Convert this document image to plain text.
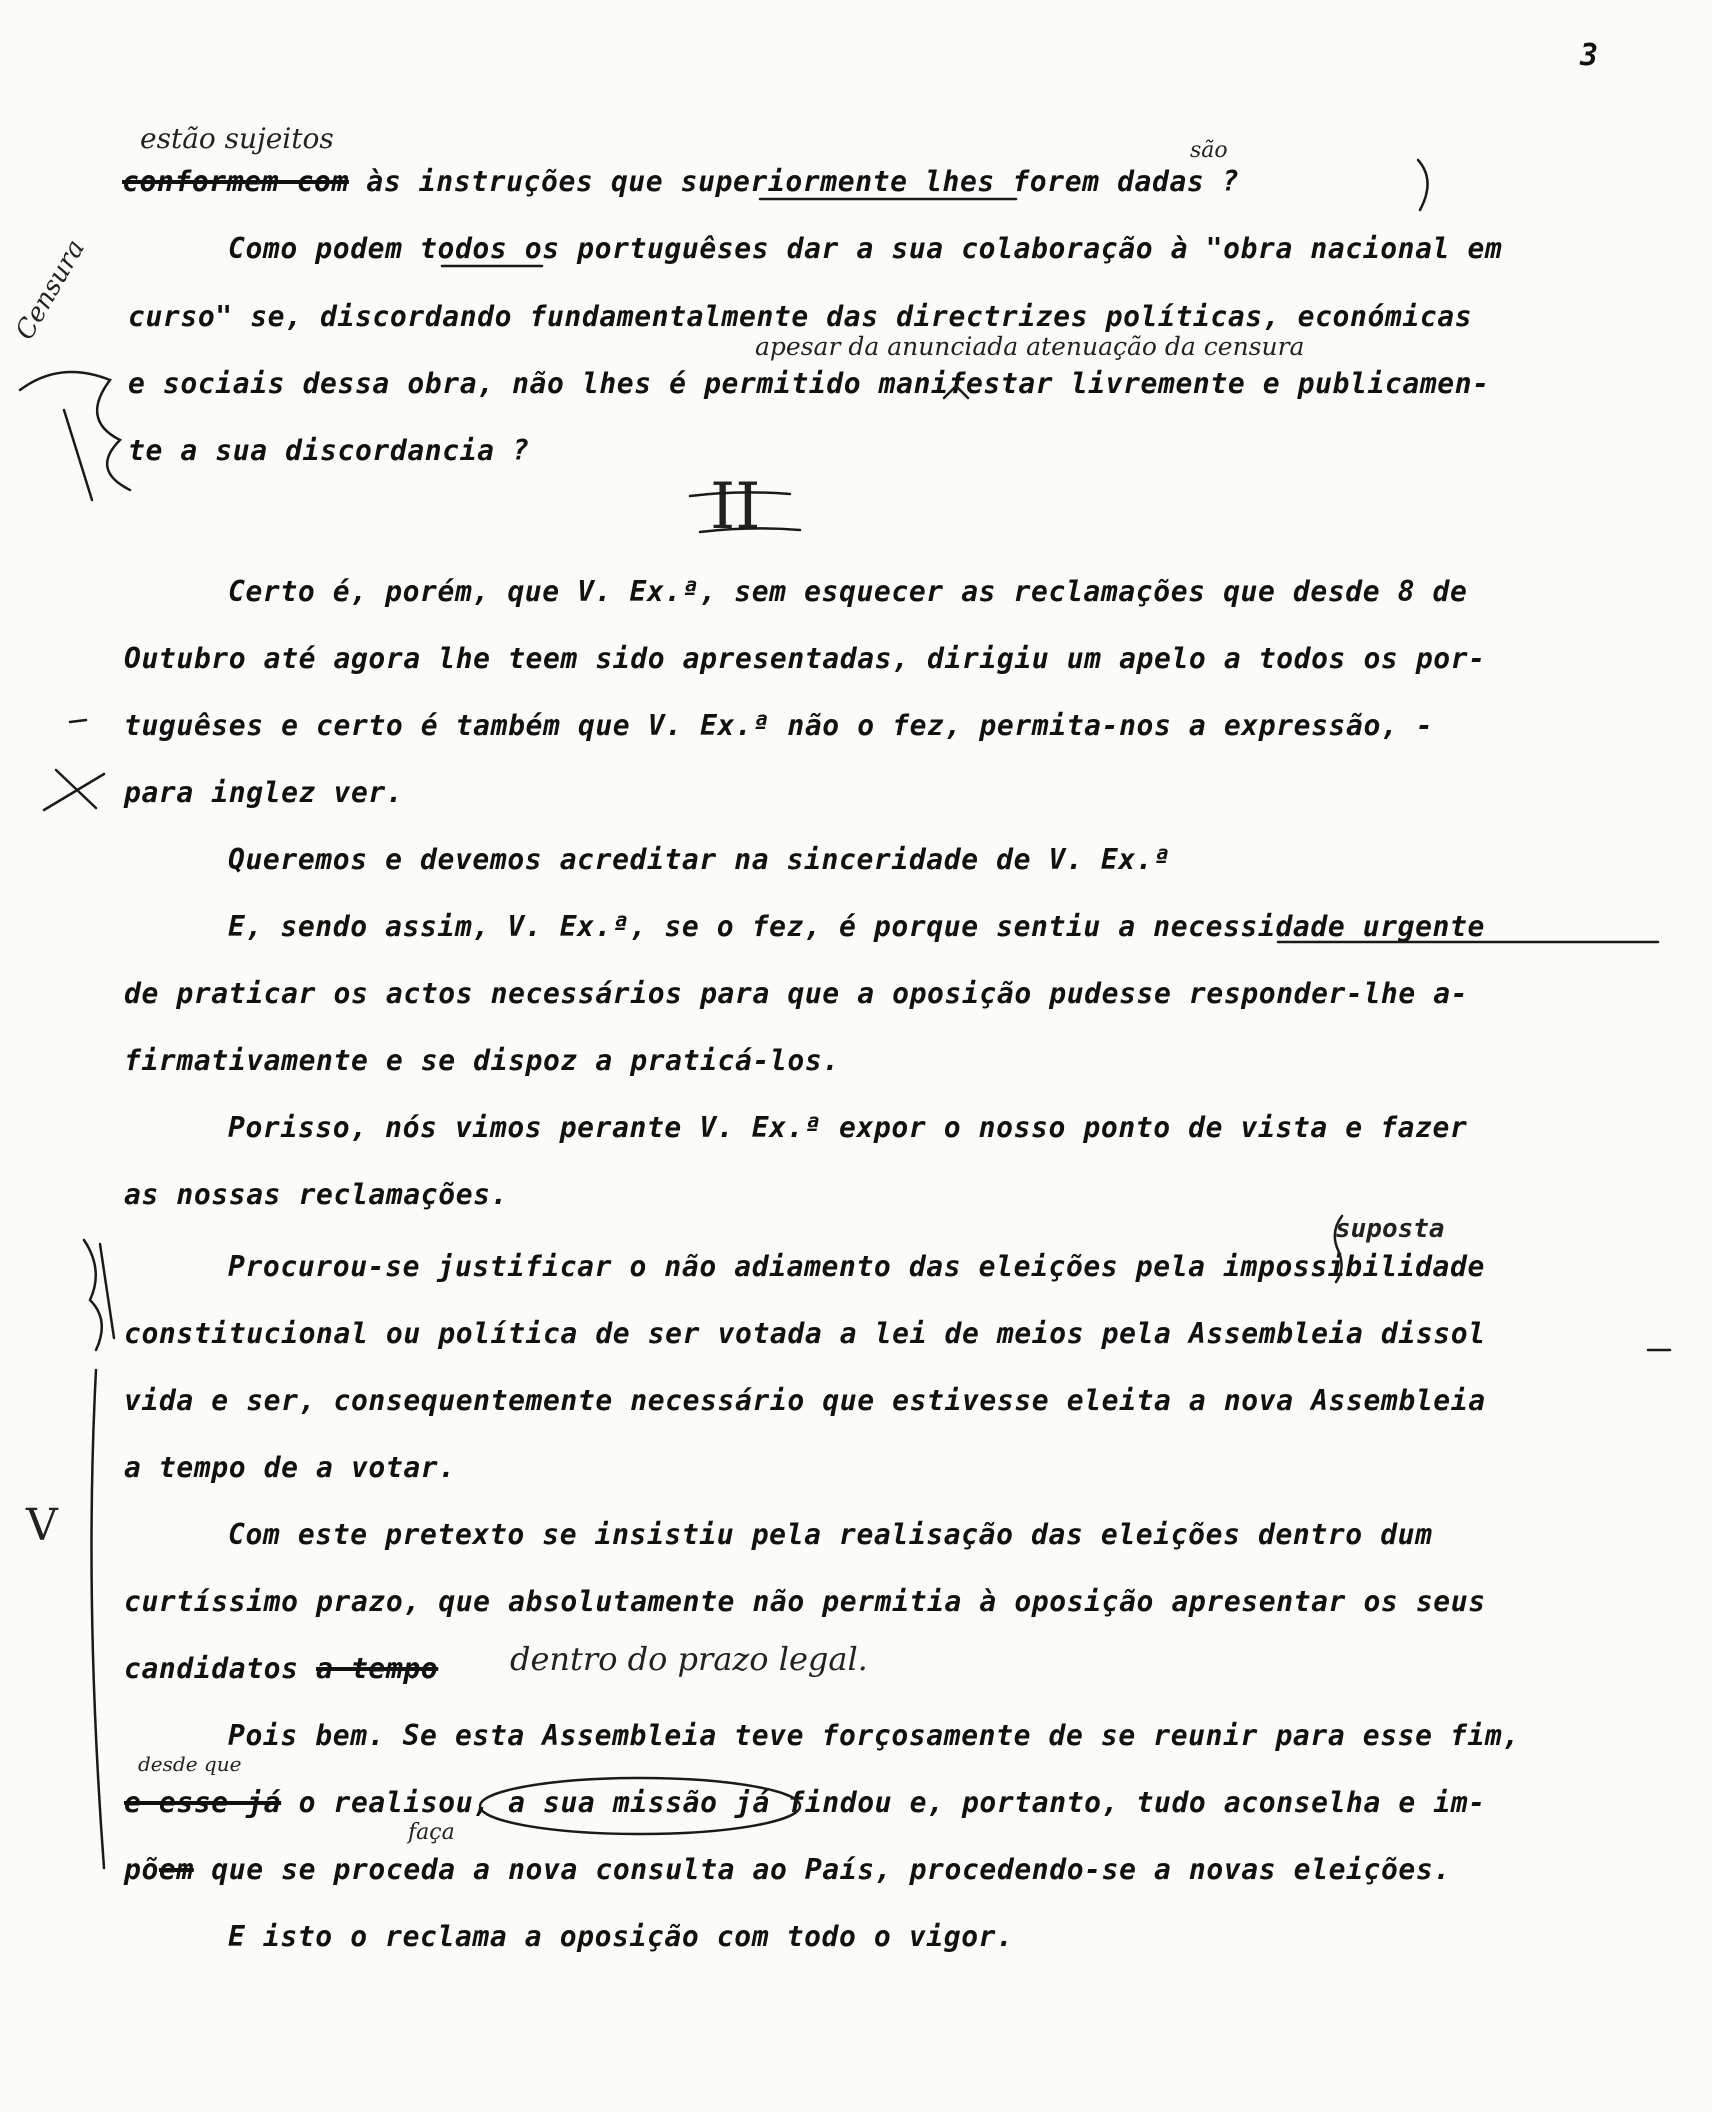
3
conformem com às instruções que superiormente lhes forem dadas ?
Como podem todos os portuguêses dar a sua colaboração à "obra nacional em
curso" se, discordando fundamentalmente das directrizes políticas, económicas
e sociais dessa obra, não lhes é permitido manifestar livremente e publicamen-
te a sua discordancia ?
Certo é, porém, que V. Ex.ª, sem esquecer as reclamações que desde 8 de
Outubro até agora lhe teem sido apresentadas, dirigiu um apelo a todos os por-
tuguêses e certo é também que V. Ex.ª não o fez, permita-nos a expressão, -
para inglez ver.
Queremos e devemos acreditar na sinceridade de V. Ex.ª
E, sendo assim, V. Ex.ª, se o fez, é porque sentiu a necessidade urgente
de praticar os actos necessários para que a oposição pudesse responder-lhe a-
firmativamente e se dispoz a praticá-los.
Porisso, nós vimos perante V. Ex.ª expor o nosso ponto de vista e fazer
as nossas reclamações.
Procurou-se justificar o não adiamento das eleições pela impossibilidade
constitucional ou política de ser votada a lei de meios pela Assembleia dissol
vida e ser, consequentemente necessário que estivesse eleita a nova Assembleia
a tempo de a votar.
Com este pretexto se insistiu pela realisação das eleições dentro dum
curtíssimo prazo, que absolutamente não permitia à oposição apresentar os seus
candidatos a tempo
Pois bem. Se esta Assembleia teve forçosamente de se reunir para esse fim,
e esse já o realisou, a sua missão já findou e, portanto, tudo aconselha e im-
põem que se proceda a nova consulta ao País, procedendo-se a novas eleições.
E isto o reclama a oposição com todo o vigor.
estão sujeitos	são
apesar da anunciada atenuação da censura
II
suposta
dentro do prazo legal.
desde que
faça
Censura
V
